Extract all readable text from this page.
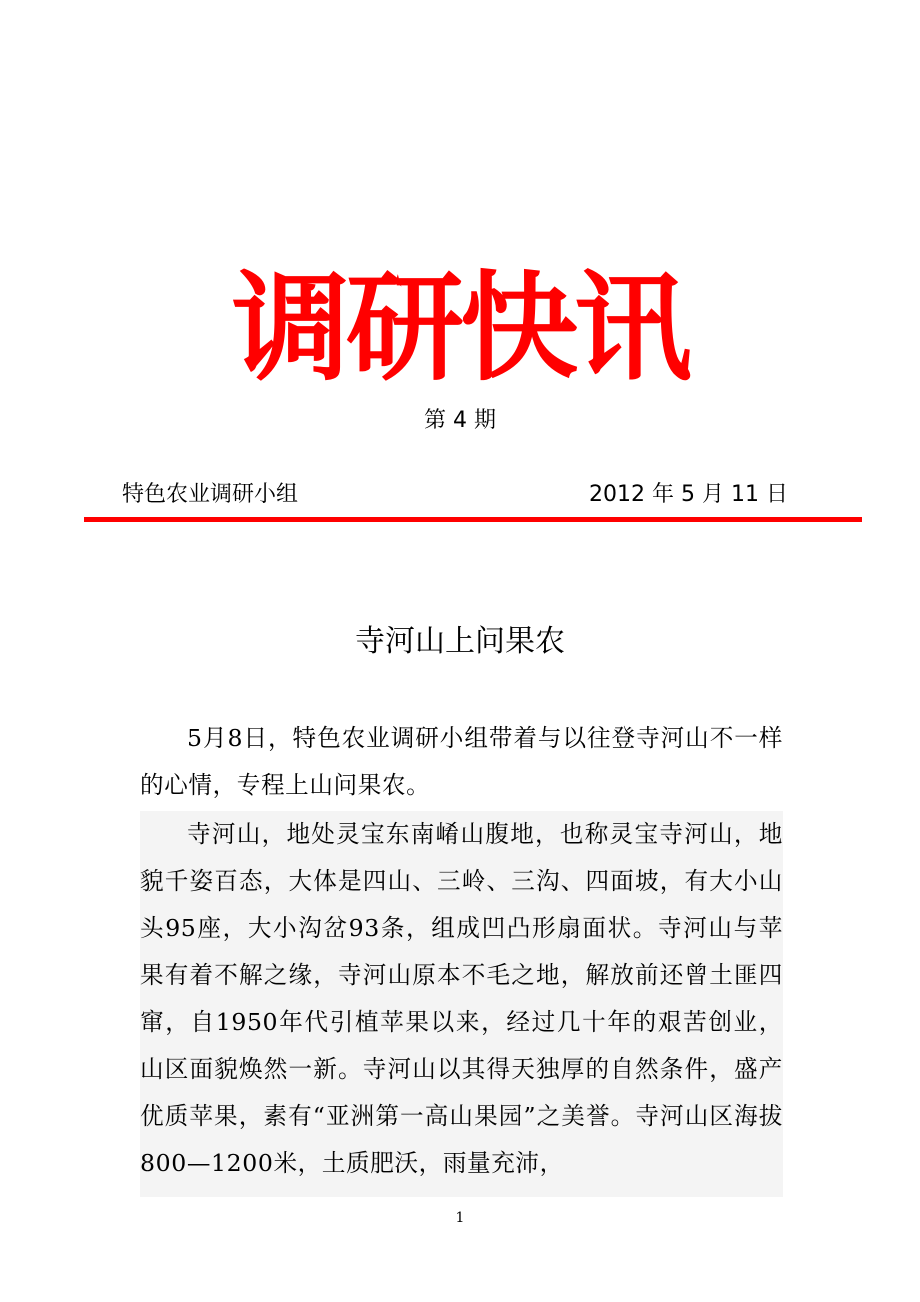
调研快讯
第 4 期
特色农业调研小组	2012 年 5 月 11 日
寺河山上问果农

5月8日，特色农业调研小组带着与以往登寺河山不一样的心情，专程上山问果农。

寺河山，地处灵宝东南崤山腹地，也称灵宝寺河山，地貌千姿百态，大体是四山、三岭、三沟、四面坡，有大小山头95座，大小沟岔93条，组成凹凸形扇面状。寺河山与苹果有着不解之缘，寺河山原本不毛之地，解放前还曾土匪四窜，自1950年代引植苹果以来，经过几十年的艰苦创业，山区面貌焕然一新。寺河山以其得天独厚的自然条件，盛产优质苹果，素有“亚洲第一高山果园”之美誉。寺河山区海拔800—1200米，土质肥沃，雨量充沛，

1
